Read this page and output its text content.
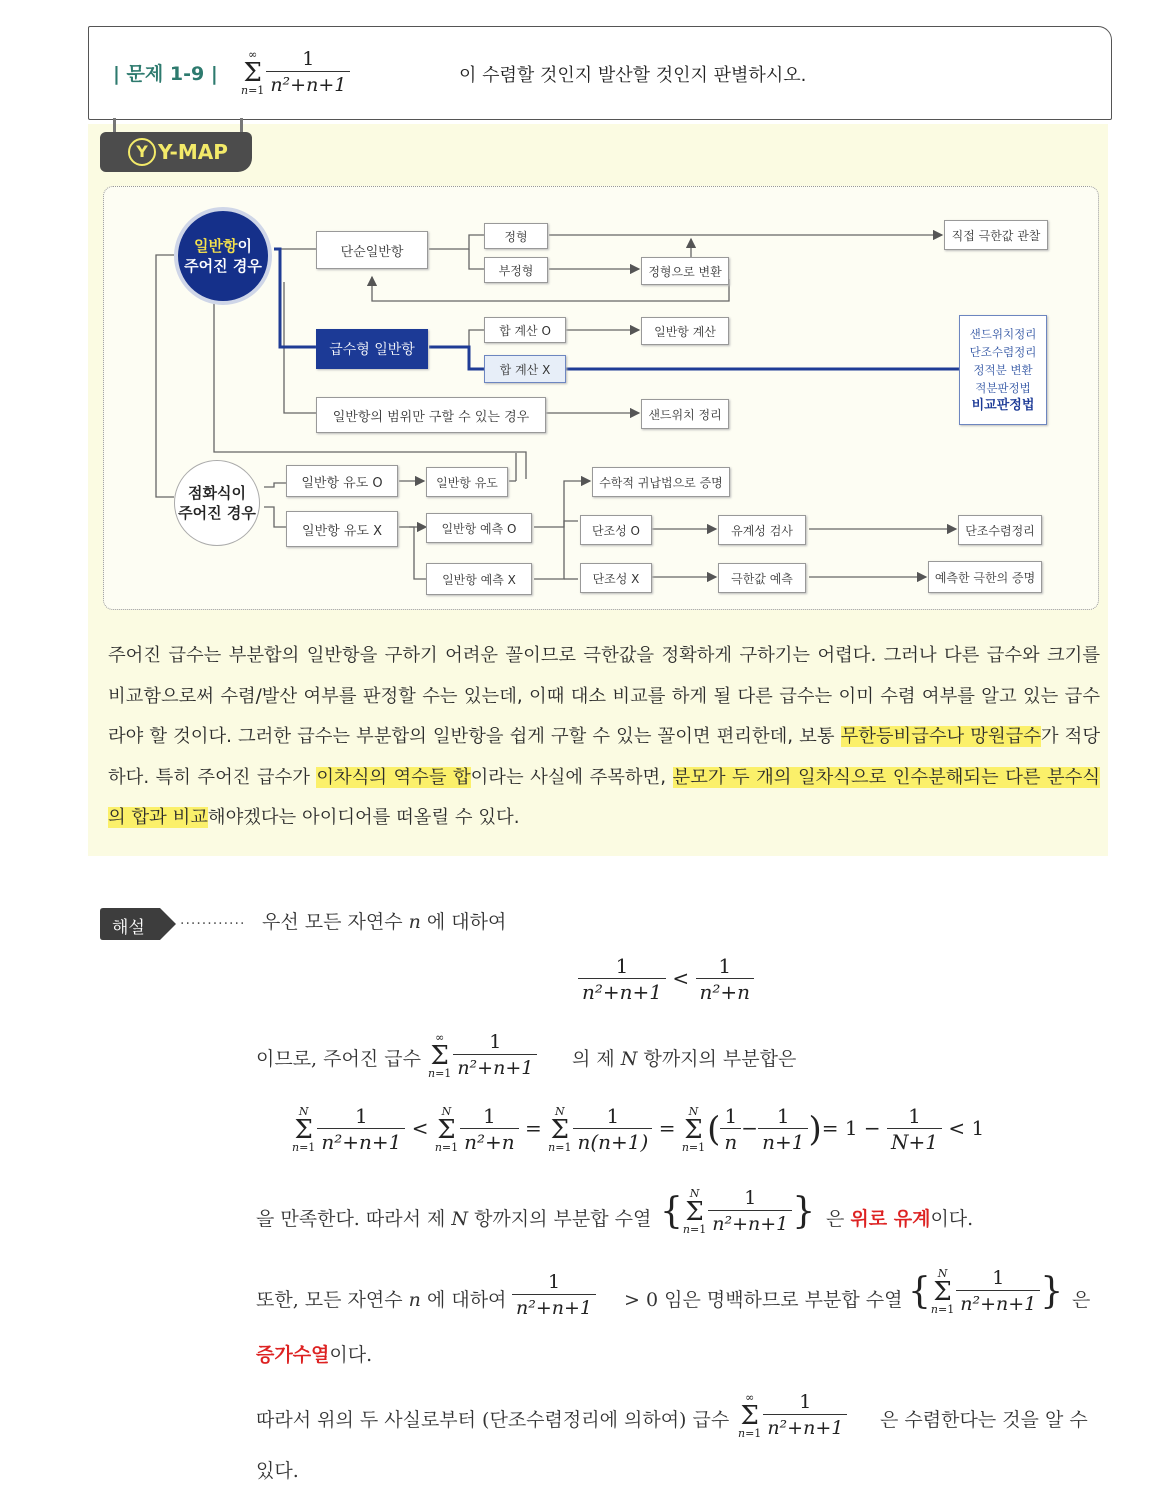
| 문제 1-9 |
∞
Σ
$n=1 \frac{1}{\text{n²+n+1}}$	이 수렴할 것인지 발산할 것인지 판별하시오.
Y Y-MAP
일반항이
주어진 경우
점화식이
주어진 경우
단순일반항
정형
부정형
직접 극한값 관찰
정형으로 변환
급수형 일반항
합 계산 O
합 계산 X
일반항 계산	샌드위치정리
단조수렴정리
정적분 변환
적분판정법
비교판정법
일반항의 범위만 구할 수 있는 경우	샌드위치 정리
일반항 유도 O	일반항 유도
일반항 유도 X
수학적 귀납법으로 증명
일반항 예측 O
일반항 예측 X
단조성 O
단조성 X
유계성 검사
극한값 예측
단조수렴정리
예측한 극한의 증명
주어진 급수는 부분합의 일반항을 구하기 어려운 꼴이므로 극한값을 정확하게 구하기는 어렵다. 그러나 다른 급수와 크기를 비교함으로써 수렴/발산 여부를 판정할 수는 있는데, 이때 대소 비교를 하게 될 다른 급수는 이미 수렴 여부를 알고 있는 급수라야 할 것이다. 그러한 급수는 부분합의 일반항을 쉽게 구할 수 있는 꼴이면 편리한데, 보통 무한등비급수나 망원급수가 적당하다. 특히 주어진 급수가 이차식의 역수들 합이라는 사실에 주목하면, 분모가 두 개의 일차식으로 인수분해되는 다른 분수식의 합과 비교해야겠다는 아이디어를 떠올릴 수 있다.
해설	............ 우선 모든 자연수 n 에 대하여
$\frac{1}{\text{n²+n+1}} < \frac{1}{\text{n²+n}}$
이므로, 주어진 급수
∞
Σ
$n=1 \frac{1}{\text{n²+n+1}}$ 의 제 N 항까지의 부분합은
N
Σ
$n=1 \frac{1}{\text{n²+n+1}} < N$
Σ
$n=1 \frac{1}{\text{n²+n}} = N$
Σ
$n=1 \frac{1}{n(n+1)} = N$
Σ
$n=1( \frac{1}{n} - \frac{1}{n+1}$ )= $1 - \frac{1}{N+1} < 1$
을 만족한다. 따라서 제 N 항까지의 부분합 수열 { N
Σ
$n=1 \frac{1}{\text{n²+n+1}}$ } 은 위로 유계이다.
또한, 모든 자연수 n 에 대하여 $\frac{1}{\text{n²+n+1}} > 0$ 임은 명백하므로 부분합 수열 { N
Σ
$n=1 \frac{1}{\text{n²+n+1}}$ } 은
증가수열이다.
따라서 위의 두 사실로부터 (단조수렴정리에 의하여) 급수
∞
Σ
$n=1 \frac{1}{\text{n²+n+1}}$ 은 수렴한다는 것을 알 수
있다.
